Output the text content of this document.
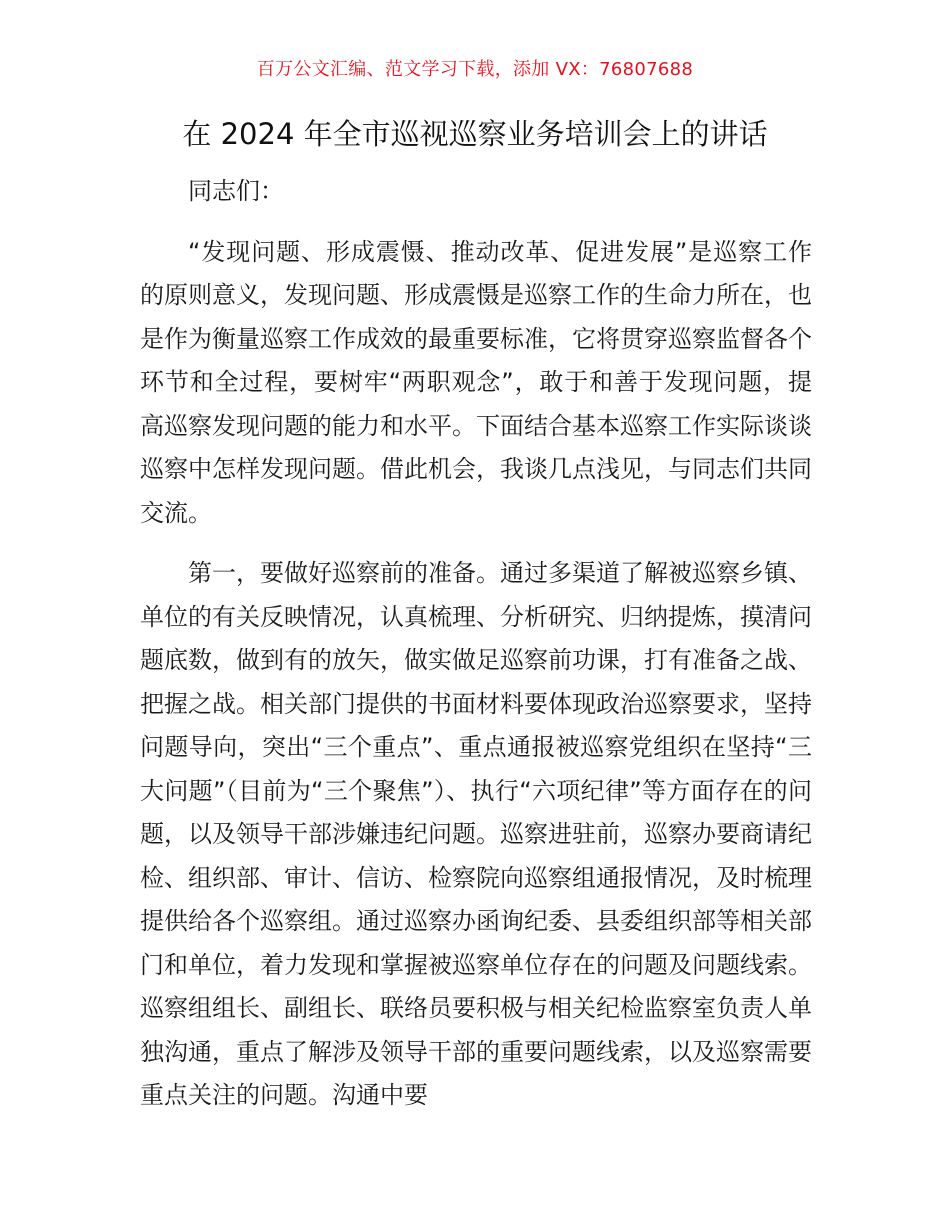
百万公文汇编、范文学习下载，添加 VX：76807688
在 2024 年全市巡视巡察业务培训会上的讲话

同志们：

“发现问题、形成震慑、推动改革、促进发展”是巡察工作的原则意义，发现问题、形成震慑是巡察工作的生命力所在，也是作为衡量巡察工作成效的最重要标准，它将贯穿巡察监督各个环节和全过程，要树牢“两职观念”，敢于和善于发现问题，提高巡察发现问题的能力和水平。下面结合基本巡察工作实际谈谈巡察中怎样发现问题。借此机会，我谈几点浅见，与同志们共同交流。

第一，要做好巡察前的准备。通过多渠道了解被巡察乡镇、单位的有关反映情况，认真梳理、分析研究、归纳提炼，摸清问题底数，做到有的放矢，做实做足巡察前功课，打有准备之战、把握之战。相关部门提供的书面材料要体现政治巡察要求，坚持问题导向，突出“三个重点”、重点通报被巡察党组织在坚持“三大问题”（目前为“三个聚焦”）、执行“六项纪律”等方面存在的问题，以及领导干部涉嫌违纪问题。巡察进驻前，巡察办要商请纪检、组织部、审计、信访、检察院向巡察组通报情况，及时梳理提供给各个巡察组。通过巡察办函询纪委、县委组织部等相关部门和单位，着力发现和掌握被巡察单位存在的问题及问题线索。巡察组组长、副组长、联络员要积极与相关纪检监察室负责人单独沟通，重点了解涉及领导干部的重要问题线索，以及巡察需要重点关注的问题。沟通中要
